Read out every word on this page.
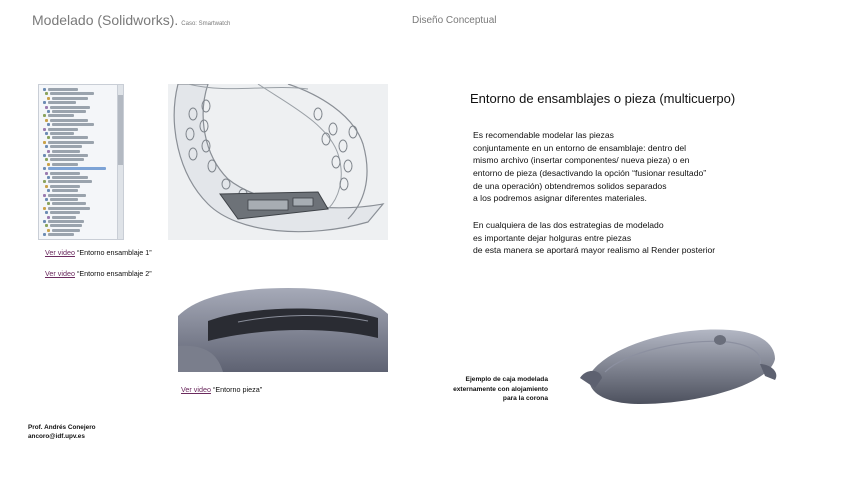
Modelado (Solidworks). Caso: Smartwatch	Diseño Conceptual
Entorno de ensamblajes o pieza (multicuerpo)
Es recomendable modelar las piezas
conjuntamente en un entorno de ensamblaje: dentro del
mismo archivo (insertar componentes/ nueva pieza) o en
entorno de pieza (desactivando la opción “fusionar resultado”
de una operación) obtendremos solidos separados
a los podremos asignar diferentes materiales.
En cualquiera de las dos estrategias de modelado
es importante dejar holguras entre piezas
de esta manera se aportará mayor realismo al Render posterior
Ver video “Entorno ensamblaje 1”
Ver video “Entorno ensamblaje 2”
Ver video “Entorno pieza”
Ejemplo de caja modelada
externamente con alojamiento
para la corona
Prof. Andrés Conejero
ancoro@idf.upv.es
